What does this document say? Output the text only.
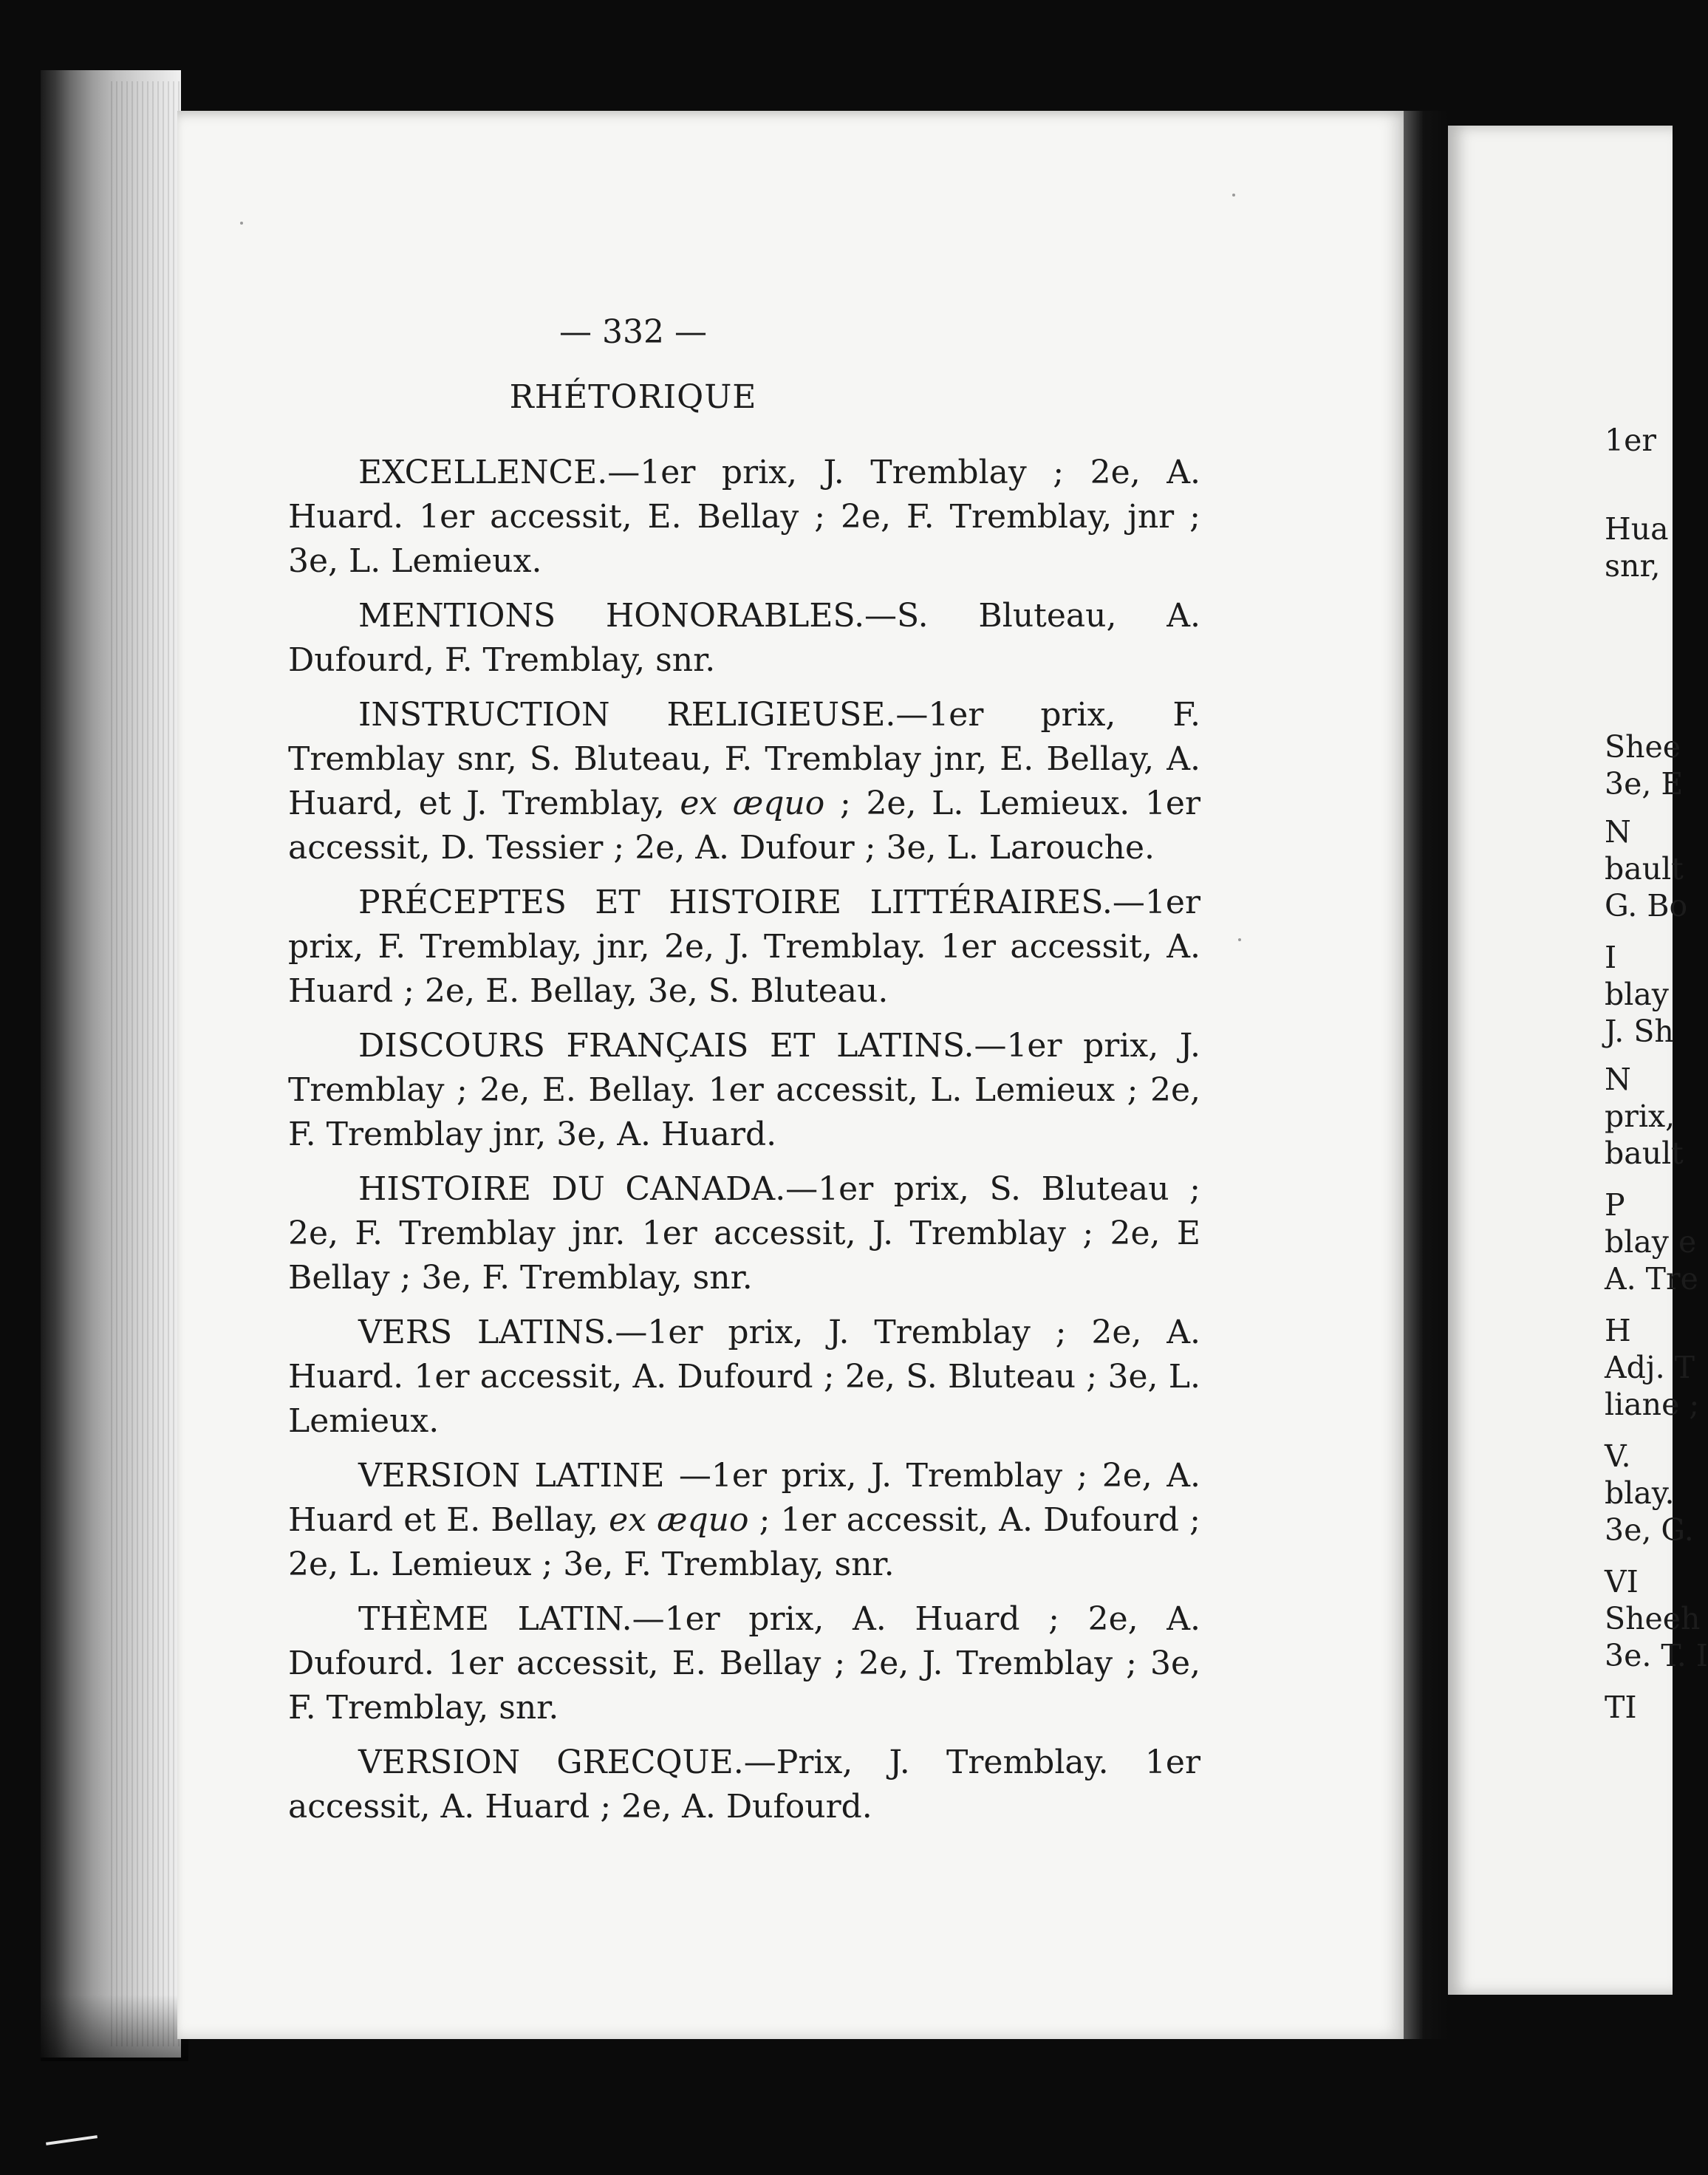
— 332 —
RHÉTORIQUE

EXCELLENCE.—1er prix, J. Tremblay ; 2e, A. Huard. 1er accessit, E. Bellay ; 2e, F. Tremblay, jnr ; 3e, L. Lemieux.

MENTIONS HONORABLES.—S. Bluteau, A. Dufourd, F. Tremblay, snr.

INSTRUCTION RELIGIEUSE.—1er prix, F. Tremblay snr, S. Bluteau, F. Tremblay jnr, E. Bellay, A. Huard, et J. Tremblay, ex æquo ; 2e, L. Lemieux. 1er accessit, D. Tessier ; 2e, A. Dufour ; 3e, L. Larouche.

PRÉCEPTES ET HISTOIRE LITTÉRAIRES.—1er prix, F. Tremblay, jnr, 2e, J. Tremblay. 1er accessit, A. Huard ; 2e, E. Bellay, 3e, S. Bluteau.

DISCOURS FRANÇAIS ET LATINS.—1er prix, J. Tremblay ; 2e, E. Bellay. 1er accessit, L. Lemieux ; 2e, F. Tremblay jnr, 3e, A. Huard.

HISTOIRE DU CANADA.—1er prix, S. Bluteau ; 2e, F. Tremblay jnr. 1er accessit, J. Tremblay ; 2e, E Bellay ; 3e, F. Tremblay, snr.

VERS LATINS.—1er prix, J. Tremblay ; 2e, A. Huard. 1er accessit, A. Dufourd ; 2e, S. Bluteau ; 3e, L. Lemieux.

VERSION LATINE —1er prix, J. Tremblay ; 2e, A. Huard et E. Bellay, ex æquo ; 1er accessit, A. Dufourd ; 2e, L. Lemieux ; 3e, F. Tremblay, snr.

THÈME LATIN.—1er prix, A. Huard ; 2e, A. Dufourd. 1er accessit, E. Bellay ; 2e, J. Tremblay ; 3e, F. Tremblay, snr.

VERSION GRECQUE.—Prix, J. Tremblay. 1er accessit, A. Huard ; 2e, A. Dufourd.

1er
Hua
snr,
Shee
3e, E
N
bault
G. Bo
I
blay
J. Sh
N
prix,
bault
P
blay e
A. Tre
H
Adj. T
liane ;
V.
blay.
3e, G.
VI
Sheeh
3e. T. I
TI
